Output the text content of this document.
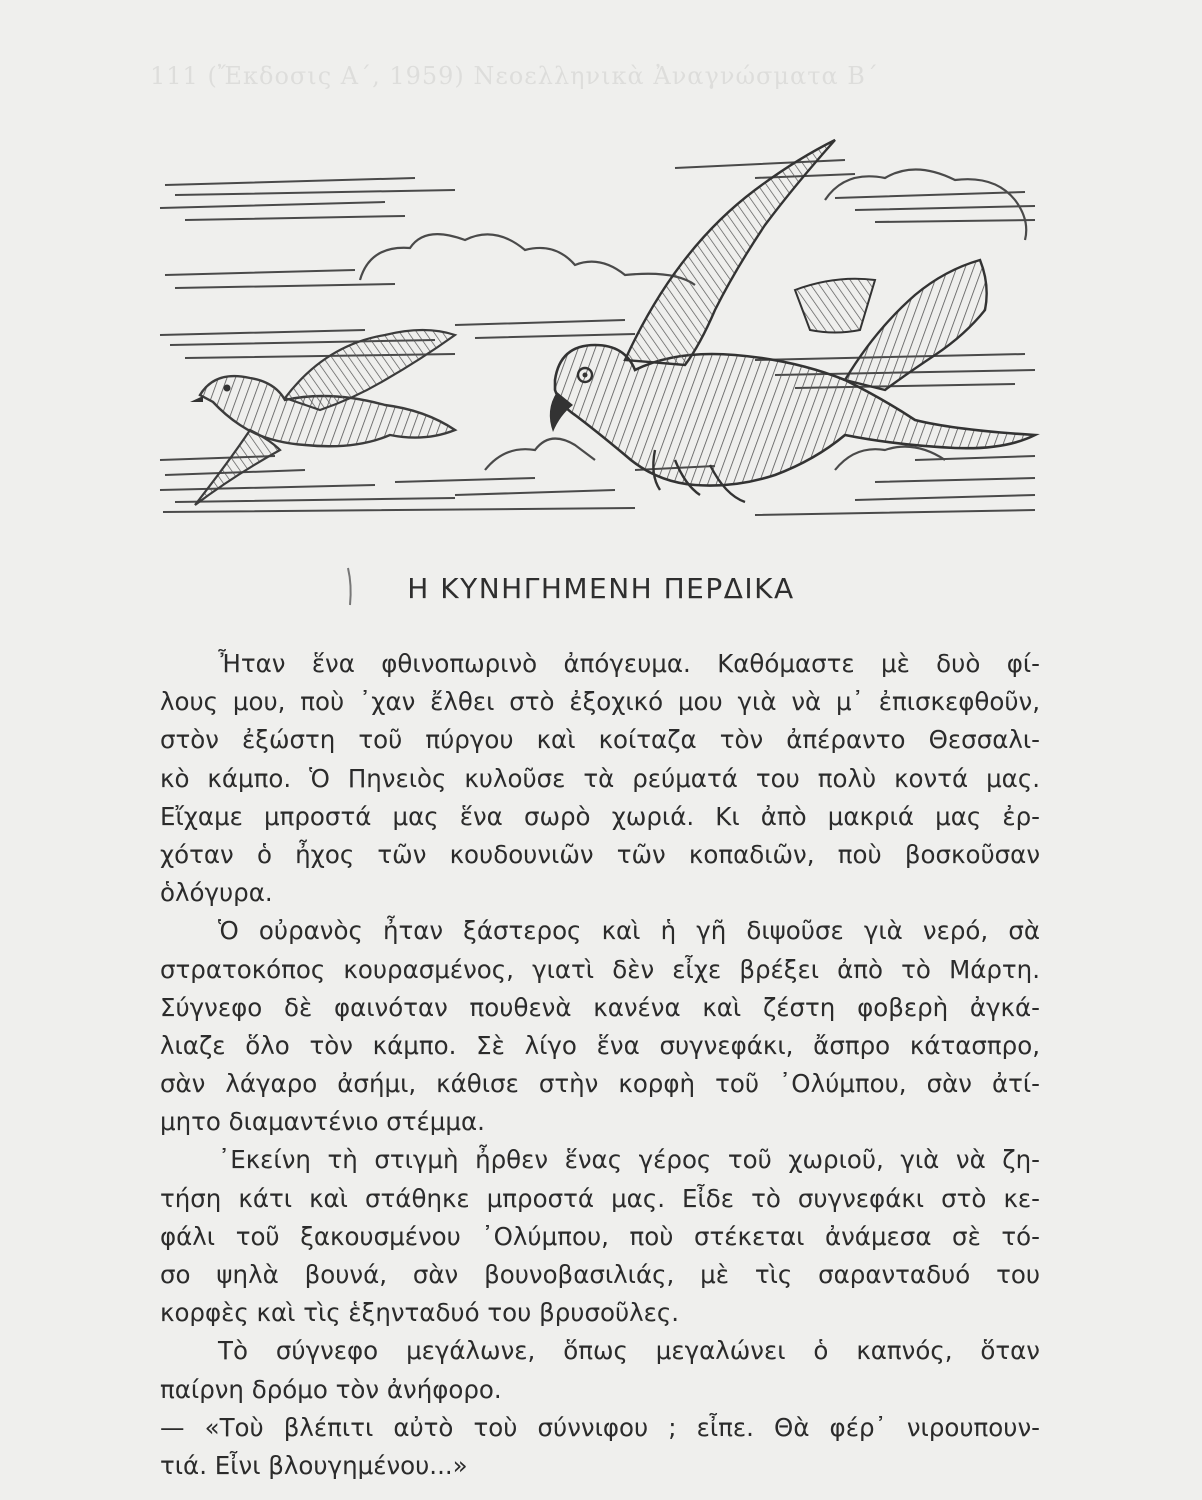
111 (Ἔκδοσις Α΄, 1959) Νεοελληνικὰ Ἀναγνώσματα Β΄
Η ΚΥΝΗΓΗΜΕΝΗ ΠΕΡΔΙΚΑ
Ἦταν ἕνα φθινοπωρινὸ ἀπόγευμα. Καθόμαστε μὲ δυὸ φί-
λους μου, ποὺ ᾿χαν ἔλθει στὸ ἐξοχικό μου γιὰ νὰ μ᾿ ἐπισκεφθοῦν,
στὸν ἐξώστη τοῦ πύργου καὶ κοίταζα τὸν ἀπέραντο Θεσσαλι-
κὸ κάμπο. Ὁ Πηνειὸς κυλοῦσε τὰ ρεύματά του πολὺ κοντά μας.
Εἴχαμε μπροστά μας ἕνα σωρὸ χωριά. Κι ἀπὸ μακριά μας ἐρ-
χόταν ὁ ἦχος τῶν κουδουνιῶν τῶν κοπαδιῶν, ποὺ βοσκοῦσαν
ὁλόγυρα.
Ὁ οὐρανὸς ἦταν ξάστερος καὶ ἡ γῆ διψοῦσε γιὰ νερό, σὰ
στρατοκόπος κουρασμένος, γιατὶ δὲν εἶχε βρέξει ἀπὸ τὸ Μάρτη.
Σύγνεφο δὲ φαινόταν πουθενὰ κανένα καὶ ζέστη φοβερὴ ἀγκά-
λιαζε ὅλο τὸν κάμπο. Σὲ λίγο ἕνα συγνεφάκι, ἄσπρο κάτασπρο,
σὰν λάγαρο ἀσήμι, κάθισε στὴν κορφὴ τοῦ ᾿Ολύμπου, σὰν ἀτί-
μητο διαμαντένιο στέμμα.
᾿Εκείνη τὴ στιγμὴ ἦρθεν ἕνας γέρος τοῦ χωριοῦ, γιὰ νὰ ζη-
τήση κάτι καὶ στάθηκε μπροστά μας. Εἶδε τὸ συγνεφάκι στὸ κε-
φάλι τοῦ ξακουσμένου ᾿Ολύμπου, ποὺ στέκεται ἀνάμεσα σὲ τό-
σο ψηλὰ βουνά, σὰν βουνοβασιλιάς, μὲ τὶς σαρανταδυό του
κορφὲς καὶ τὶς ἑξηνταδυό του βρυσοῦλες.
Τὸ σύγνεφο μεγάλωνε, ὅπως μεγαλώνει ὁ καπνός, ὅταν
παίρνη δρόμο τὸν ἀνήφορο.
— «Τοὺ βλέπιτι αὐτὸ τοὺ σύννιφου ; εἶπε. Θὰ φέρ᾿ νιρουπουν-
τιά. Εἶνι βλουγημένου...»
